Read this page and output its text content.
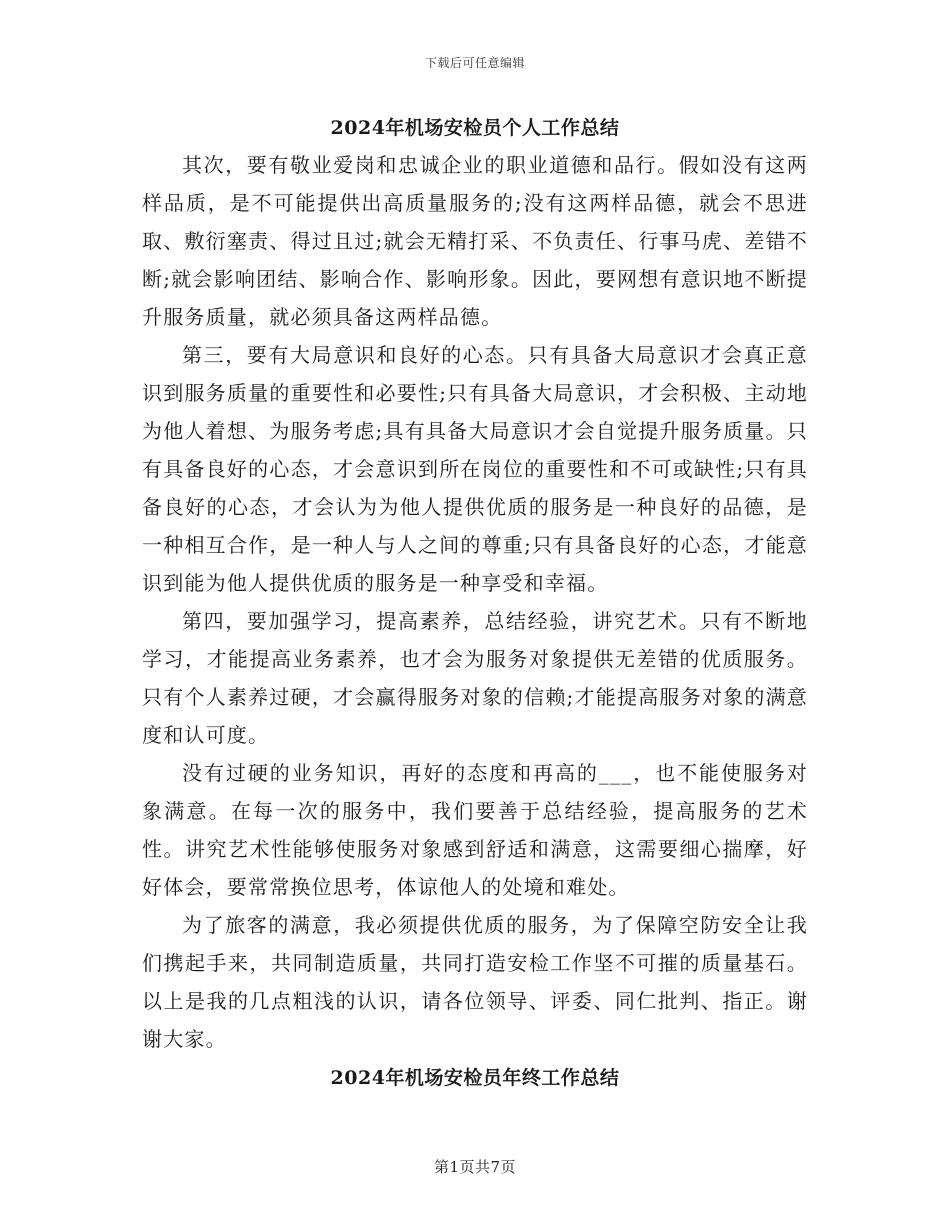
下载后可任意编辑
2024年机场安检员个人工作总结

其次，要有敬业爱岗和忠诚企业的职业道德和品行。假如没有这两样品质，是不可能提供出高质量服务的;没有这两样品德，就会不思进取、敷衍塞责、得过且过;就会无精打采、不负责任、行事马虎、差错不断;就会影响团结、影响合作、影响形象。因此，要网想有意识地不断提升服务质量，就必须具备这两样品德。

第三，要有大局意识和良好的心态。只有具备大局意识才会真正意识到服务质量的重要性和必要性;只有具备大局意识，才会积极、主动地为他人着想、为服务考虑;具有具备大局意识才会自觉提升服务质量。只有具备良好的心态，才会意识到所在岗位的重要性和不可或缺性;只有具备良好的心态，才会认为为他人提供优质的服务是一种良好的品德，是一种相互合作，是一种人与人之间的尊重;只有具备良好的心态，才能意识到能为他人提供优质的服务是一种享受和幸福。

第四，要加强学习，提高素养，总结经验，讲究艺术。只有不断地学习，才能提高业务素养，也才会为服务对象提供无差错的优质服务。只有个人素养过硬，才会赢得服务对象的信赖;才能提高服务对象的满意度和认可度。

没有过硬的业务知识，再好的态度和再高的___，也不能使服务对象满意。在每一次的服务中，我们要善于总结经验，提高服务的艺术性。讲究艺术性能够使服务对象感到舒适和满意，这需要细心揣摩，好好体会，要常常换位思考，体谅他人的处境和难处。

为了旅客的满意，我必须提供优质的服务，为了保障空防安全让我们携起手来，共同制造质量，共同打造安检工作坚不可摧的质量基石。以上是我的几点粗浅的认识，请各位领导、评委、同仁批判、指正。谢谢大家。

2024年机场安检员年终工作总结
第1页共7页
